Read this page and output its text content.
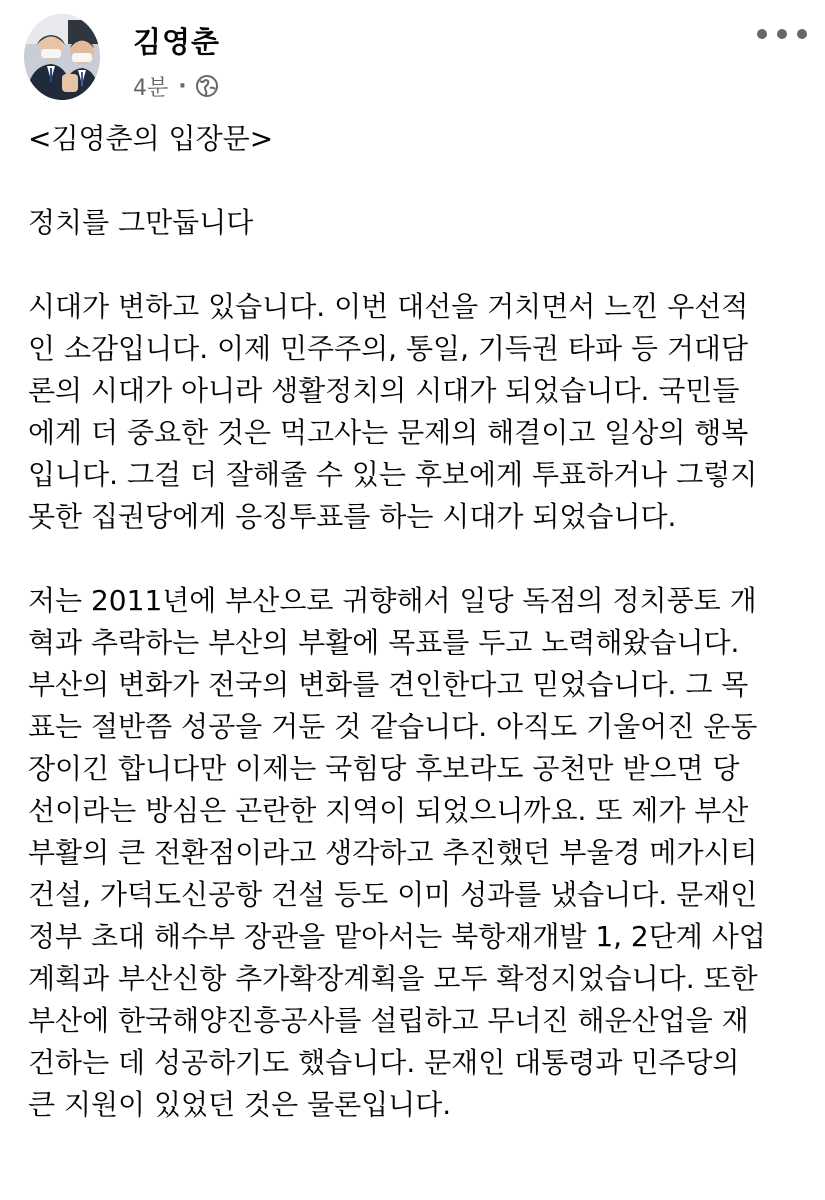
김영춘
4분 ·
<김영춘의 입장문>
정치를 그만둡니다
시대가 변하고 있습니다. 이번 대선을 거치면서 느낀 우선적
인 소감입니다. 이제 민주주의, 통일, 기득권 타파 등 거대담
론의 시대가 아니라 생활정치의 시대가 되었습니다. 국민들
에게 더 중요한 것은 먹고사는 문제의 해결이고 일상의 행복
입니다. 그걸 더 잘해줄 수 있는 후보에게 투표하거나 그렇지
못한 집권당에게 응징투표를 하는 시대가 되었습니다.
저는 2011년에 부산으로 귀향해서 일당 독점의 정치풍토 개
혁과 추락하는 부산의 부활에 목표를 두고 노력해왔습니다.
부산의 변화가 전국의 변화를 견인한다고 믿었습니다. 그 목
표는 절반쯤 성공을 거둔 것 같습니다. 아직도 기울어진 운동
장이긴 합니다만 이제는 국힘당 후보라도 공천만 받으면 당
선이라는 방심은 곤란한 지역이 되었으니까요. 또 제가 부산
부활의 큰 전환점이라고 생각하고 추진했던 부울경 메가시티
건설, 가덕도신공항 건설 등도 이미 성과를 냈습니다. 문재인
정부 초대 해수부 장관을 맡아서는 북항재개발 1, 2단계 사업
계획과 부산신항 추가확장계획을 모두 확정지었습니다. 또한
부산에 한국해양진흥공사를 설립하고 무너진 해운산업을 재
건하는 데 성공하기도 했습니다. 문재인 대통령과 민주당의
큰 지원이 있었던 것은 물론입니다.
